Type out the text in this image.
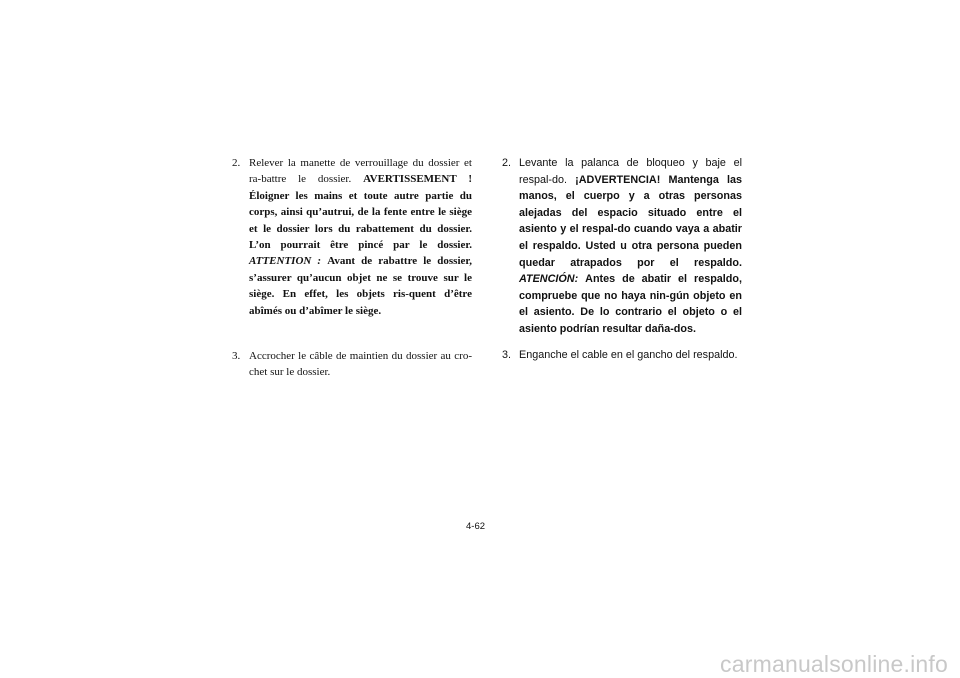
2. Relever la manette de verrouillage du dossier et ra-battre le dossier. AVERTISSEMENT ! Éloigner les mains et toute autre partie du corps, ainsi qu’autrui, de la fente entre le siège et le dossier lors du rabattement du dossier. L’on pourrait être pincé par le dossier. ATTENTION : Avant de rabattre le dossier, s’assurer qu’aucun objet ne se trouve sur le siège. En effet, les objets ris-quent d’être abîmés ou d’abîmer le siège.

3. Accrocher le câble de maintien du dossier au cro-chet sur le dossier.

2. Levante la palanca de bloqueo y baje el respal-do. ¡ADVERTENCIA! Mantenga las manos, el cuerpo y a otras personas alejadas del espacio situado entre el asiento y el respal-do cuando vaya a abatir el respaldo. Usted u otra persona pueden quedar atrapados por el respaldo. ATENCIÓN: Antes de abatir el respaldo, compruebe que no haya nin-gún objeto en el asiento. De lo contrario el objeto o el asiento podrían resultar daña-dos.

3. Enganche el cable en el gancho del respaldo.

4-62
carmanualsonline.info
